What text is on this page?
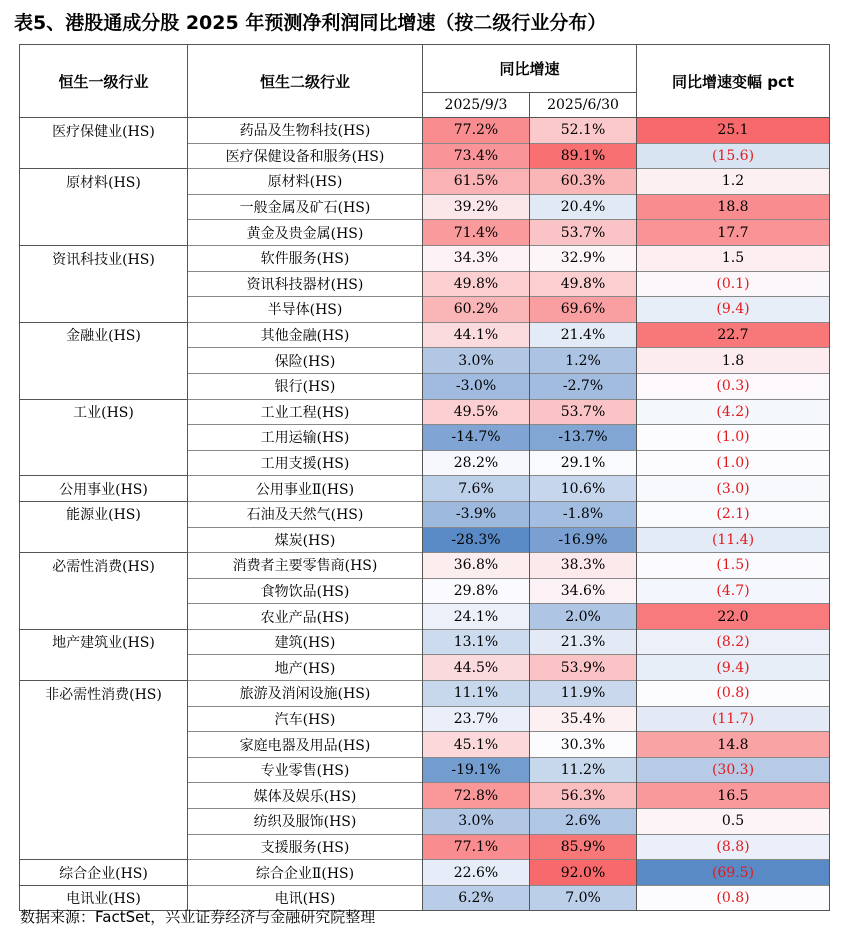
表5、港股通成分股 2025 年预测净利润同比增速（按二级行业分布）
恒生一级行业	恒生二级行业	同比增速		同比增速变幅 pct
		2025/9/3	2025/6/30	
医疗保健业(HS)	药品及生物科技(HS)	77.2%	52.1%	25.1
	医疗保健设备和服务(HS)	73.4%	89.1%	(15.6)
原材料(HS)	原材料(HS)	61.5%	60.3%	1.2
	一般金属及矿石(HS)	39.2%	20.4%	18.8
	黄金及贵金属(HS)	71.4%	53.7%	17.7
资讯科技业(HS)	软件服务(HS)	34.3%	32.9%	1.5
	资讯科技器材(HS)	49.8%	49.8%	(0.1)
	半导体(HS)	60.2%	69.6%	(9.4)
金融业(HS)	其他金融(HS)	44.1%	21.4%	22.7
	保险(HS)	3.0%	1.2%	1.8
	银行(HS)	-3.0%	-2.7%	(0.3)
工业(HS)	工业工程(HS)	49.5%	53.7%	(4.2)
	工用运输(HS)	-14.7%	-13.7%	(1.0)
	工用支援(HS)	28.2%	29.1%	(1.0)
公用事业(HS)	公用事业Ⅱ(HS)	7.6%	10.6%	(3.0)
能源业(HS)	石油及天然气(HS)	-3.9%	-1.8%	(2.1)
	煤炭(HS)	-28.3%	-16.9%	(11.4)
必需性消费(HS)	消费者主要零售商(HS)	36.8%	38.3%	(1.5)
	食物饮品(HS)	29.8%	34.6%	(4.7)
	农业产品(HS)	24.1%	2.0%	22.0
地产建筑业(HS)	建筑(HS)	13.1%	21.3%	(8.2)
	地产(HS)	44.5%	53.9%	(9.4)
非必需性消费(HS)	旅游及消闲设施(HS)	11.1%	11.9%	(0.8)
	汽车(HS)	23.7%	35.4%	(11.7)
	家庭电器及用品(HS)	45.1%	30.3%	14.8
	专业零售(HS)	-19.1%	11.2%	(30.3)
	媒体及娱乐(HS)	72.8%	56.3%	16.5
	纺织及服饰(HS)	3.0%	2.6%	0.5
	支援服务(HS)	77.1%	85.9%	(8.8)
综合企业(HS)	综合企业Ⅱ(HS)	22.6%	92.0%	(69.5)
电讯业(HS)	电讯(HS)	6.2%	7.0%	(0.8)
数据来源：FactSet，兴业证券经济与金融研究院整理
